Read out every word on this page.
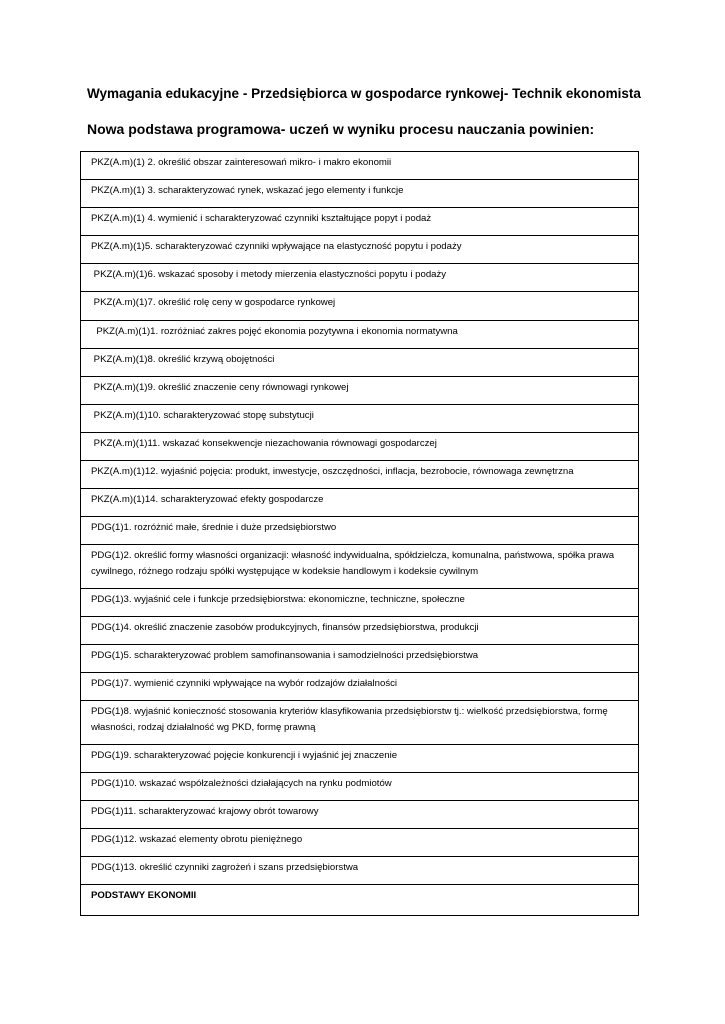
Wymagania edukacyjne - Przedsiębiorca w gospodarce rynkowej- Technik ekonomista
Nowa podstawa programowa- uczeń w wyniku procesu nauczania powinien:
PKZ(A.m)(1) 2. określić obszar zainteresowań mikro- i makro ekonomii
PKZ(A.m)(1) 3. scharakteryzować rynek, wskazać jego elementy i funkcje
PKZ(A.m)(1) 4. wymienić i scharakteryzować czynniki kształtujące popyt i podaż
PKZ(A.m)(1)5. scharakteryzować czynniki wpływające na elastyczność popytu i podaży
PKZ(A.m)(1)6. wskazać sposoby i metody mierzenia elastyczności popytu i podaży
PKZ(A.m)(1)7. określić rolę ceny w gospodarce rynkowej
PKZ(A.m)(1)1. rozróżniać zakres pojęć ekonomia pozytywna i ekonomia normatywna
PKZ(A.m)(1)8. określić krzywą obojętności
PKZ(A.m)(1)9. określić znaczenie ceny równowagi rynkowej
PKZ(A.m)(1)10. scharakteryzować stopę substytucji
PKZ(A.m)(1)11. wskazać konsekwencje niezachowania równowagi gospodarczej
PKZ(A.m)(1)12. wyjaśnić pojęcia: produkt, inwestycje, oszczędności, inflacja, bezrobocie, równowaga zewnętrzna
PKZ(A.m)(1)14. scharakteryzować efekty gospodarcze
PDG(1)1. rozróżnić małe, średnie i duże przedsiębiorstwo
PDG(1)2. określić formy własności organizacji: własność indywidualna, spółdzielcza, komunalna, państwowa, spółka prawa cywilnego, różnego rodzaju spółki występujące w kodeksie handlowym i kodeksie cywilnym
PDG(1)3. wyjaśnić cele i funkcje przedsiębiorstwa: ekonomiczne, techniczne, społeczne
PDG(1)4. określić znaczenie zasobów produkcyjnych, finansów przedsiębiorstwa, produkcji
PDG(1)5. scharakteryzować problem samofinansowania i samodzielności przedsiębiorstwa
PDG(1)7. wymienić czynniki wpływające na wybór rodzajów działalności
PDG(1)8. wyjaśnić konieczność stosowania kryteriów klasyfikowania przedsiębiorstw tj.: wielkość przedsiębiorstwa, formę własności, rodzaj działalność wg PKD, formę prawną
PDG(1)9. scharakteryzować pojęcie konkurencji i wyjaśnić jej znaczenie
PDG(1)10. wskazać współzależności działających na rynku podmiotów
PDG(1)11. scharakteryzować krajowy obrót towarowy
PDG(1)12. wskazać elementy obrotu pieniężnego
PDG(1)13. określić czynniki zagrożeń i szans przedsiębiorstwa
PODSTAWY EKONOMII
